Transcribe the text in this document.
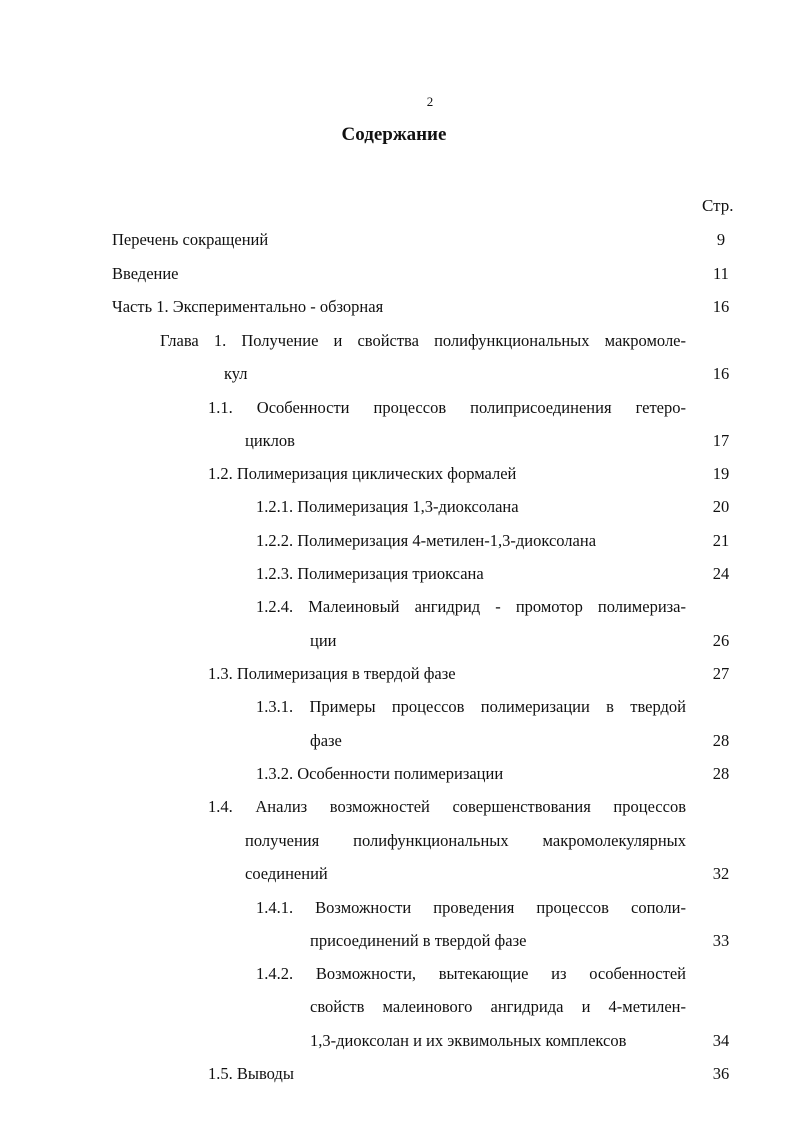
2
Содержание
Стр.
Перечень сокращений	9
Введение	11
Часть 1. Экспериментально - обзорная	16
Глава 1. Получение и свойства полифункциональных макромоле-
кул	16
1.1. Особенности процессов полиприсоединения гетеро-
циклов	17
1.2. Полимеризация циклических формалей	19
1.2.1. Полимеризация 1,3-диоксолана	20
1.2.2. Полимеризация 4-метилен-1,3-диоксолана	21
1.2.3. Полимеризация триоксана	24
1.2.4. Малеиновый ангидрид - промотор полимериза-
ции	26
1.3. Полимеризация в твердой фазе	27
1.3.1. Примеры процессов полимеризации в твердой
фазе	28
1.3.2. Особенности полимеризации	28
1.4. Анализ возможностей совершенствования процессов
получения полифункциональных макромолекулярных
соединений	32
1.4.1. Возможности проведения процессов сополи-
присоединений в твердой фазе	33
1.4.2. Возможности, вытекающие из особенностей
свойств малеинового ангидрида и 4-метилен-
1,3-диоксолан и их эквимольных комплексов	34
1.5. Выводы	36
